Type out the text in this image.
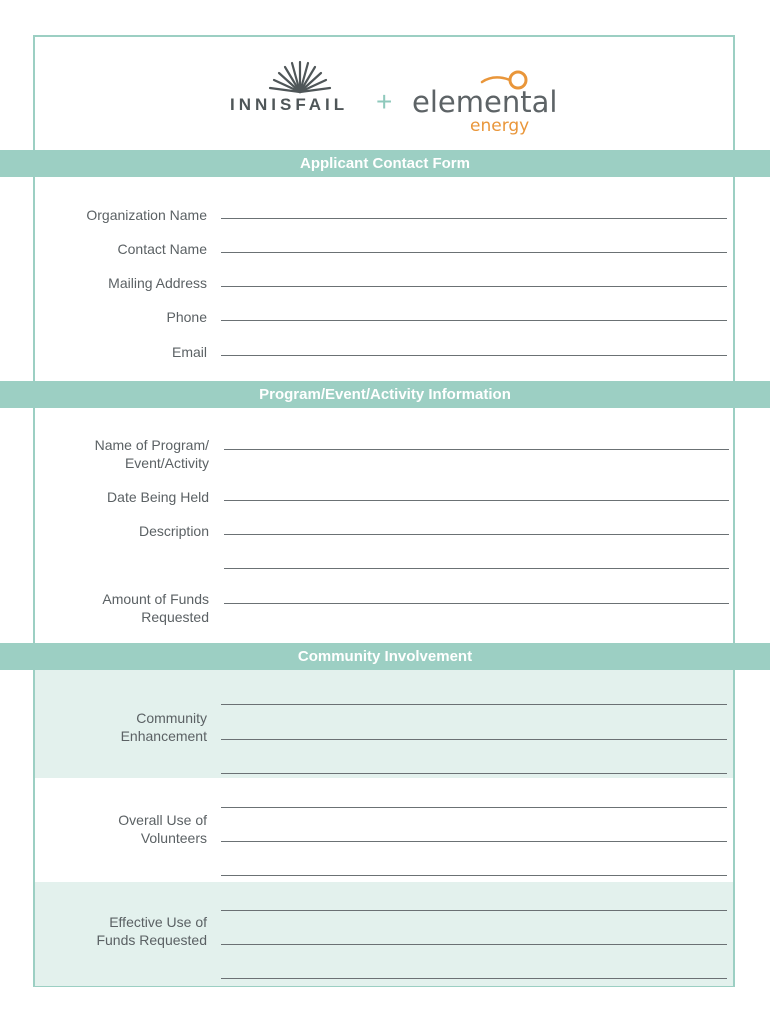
INNISFAIL + elemental
energy
Applicant Contact Form
Organization Name
Contact Name
Mailing Address
Phone
Email
Program/Event/Activity Information
Name of Program/
Event/Activity
Date Being Held
Description
Amount of Funds
Requested
Community Involvement
Community
Enhancement
Overall Use of
Volunteers
Effective Use of
Funds Requested
